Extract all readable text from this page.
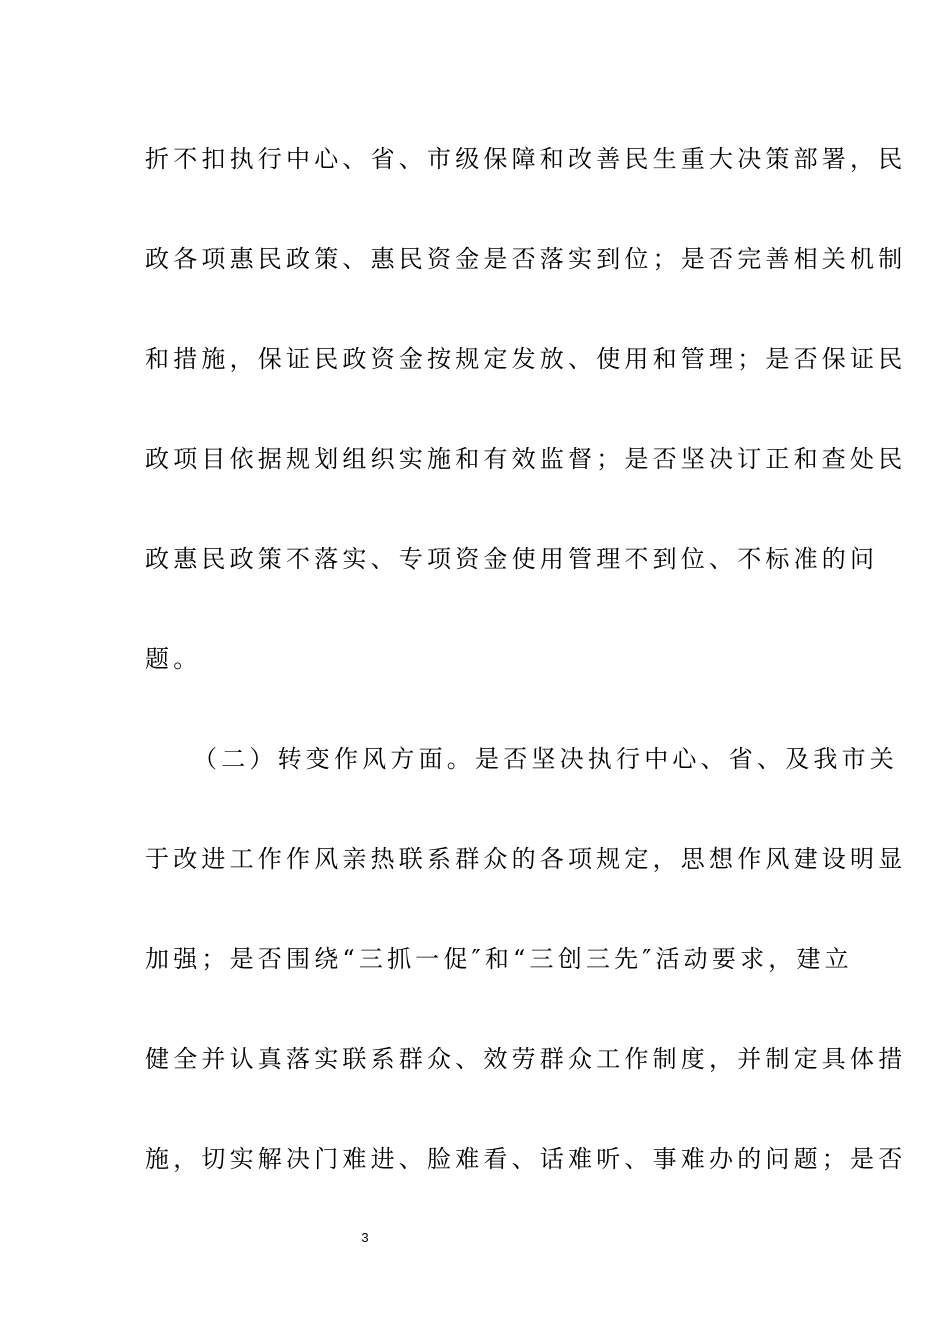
折不扣执行中心、省、市级保障和改善民生重大决策部署，民
政各项惠民政策、惠民资金是否落实到位；是否完善相关机制
和措施，保证民政资金按规定发放、使用和管理；是否保证民
政项目依据规划组织实施和有效监督；是否坚决订正和查处民
政惠民政策不落实、专项资金使用管理不到位、不标准的问
题。
（二）转变作风方面。是否坚决执行中心、省、及我市关
于改进工作作风亲热联系群众的各项规定，思想作风建设明显
加强；是否围绕“三抓一促″和“三创三先″活动要求，建立
健全并认真落实联系群众、效劳群众工作制度，并制定具体措
施，切实解决门难进、脸难看、话难听、事难办的问题；是否
3
